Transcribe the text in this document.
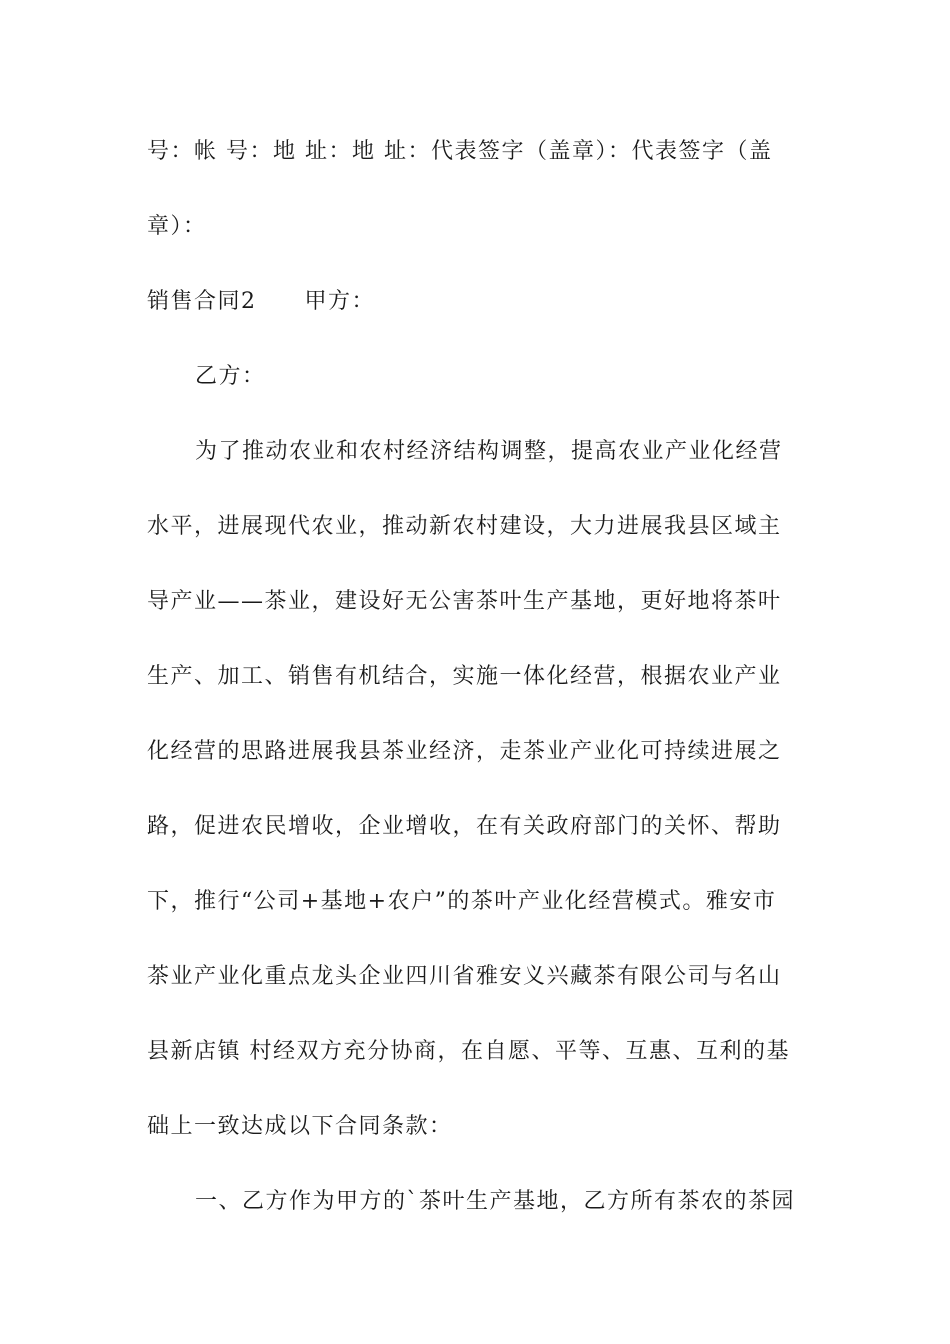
号：帐 号：地 址：地 址：代表签字（盖章）：代表签字（盖
章）：
销售合同2 甲方：
乙方：
为了推动农业和农村经济结构调整，提高农业产业化经营
水平，进展现代农业，推动新农村建设，大力进展我县区域主
导产业——茶业，建设好无公害茶叶生产基地，更好地将茶叶
生产、加工、销售有机结合，实施一体化经营，根据农业产业
化经营的思路进展我县茶业经济，走茶业产业化可持续进展之
路，促进农民增收，企业增收，在有关政府部门的关怀、帮助
下，推行“公司+基地+农户”的茶叶产业化经营模式。雅安市
茶业产业化重点龙头企业四川省雅安义兴藏茶有限公司与名山
县新店镇 村经双方充分协商，在自愿、平等、互惠、互利的基
础上一致达成以下合同条款：
一、乙方作为甲方的`茶叶生产基地，乙方所有茶农的茶园
